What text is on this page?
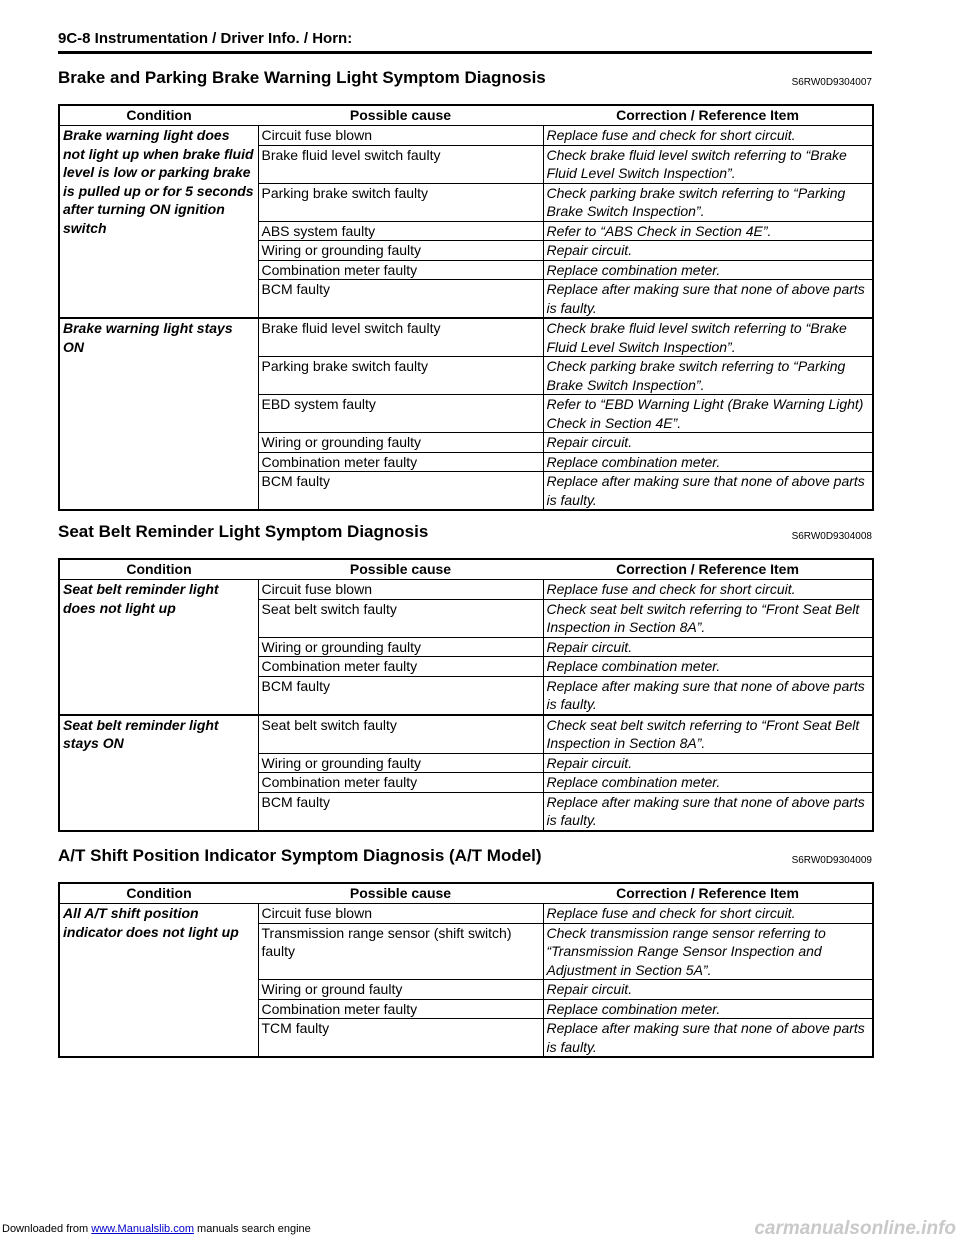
9C-8 Instrumentation / Driver Info. / Horn:
Brake and Parking Brake Warning Light Symptom Diagnosis	S6RW0D9304007
Condition	Possible cause	Correction / Reference Item
Brake warning light does not light up when brake fluid level is low or parking brake is pulled up or for 5 seconds after turning ON ignition switch	Circuit fuse blown	Replace fuse and check for short circuit.
	Brake fluid level switch faulty	Check brake fluid level switch referring to “Brake Fluid Level Switch Inspection”.
	Parking brake switch faulty	Check parking brake switch referring to “Parking Brake Switch Inspection”.
	ABS system faulty	Refer to “ABS Check in Section 4E”.
	Wiring or grounding faulty	Repair circuit.
	Combination meter faulty	Replace combination meter.
	BCM faulty	Replace after making sure that none of above parts is faulty.
Brake warning light stays ON	Brake fluid level switch faulty	Check brake fluid level switch referring to “Brake Fluid Level Switch Inspection”.
	Parking brake switch faulty	Check parking brake switch referring to “Parking Brake Switch Inspection”.
	EBD system faulty	Refer to “EBD Warning Light (Brake Warning Light) Check in Section 4E”.
	Wiring or grounding faulty	Repair circuit.
	Combination meter faulty	Replace combination meter.
	BCM faulty	Replace after making sure that none of above parts is faulty.
Seat Belt Reminder Light Symptom Diagnosis	S6RW0D9304008
Condition	Possible cause	Correction / Reference Item
Seat belt reminder light does not light up	Circuit fuse blown	Replace fuse and check for short circuit.
	Seat belt switch faulty	Check seat belt switch referring to “Front Seat Belt Inspection in Section 8A”.
	Wiring or grounding faulty	Repair circuit.
	Combination meter faulty	Replace combination meter.
	BCM faulty	Replace after making sure that none of above parts is faulty.
Seat belt reminder light stays ON	Seat belt switch faulty	Check seat belt switch referring to “Front Seat Belt Inspection in Section 8A”.
	Wiring or grounding faulty	Repair circuit.
	Combination meter faulty	Replace combination meter.
	BCM faulty	Replace after making sure that none of above parts is faulty.
A/T Shift Position Indicator Symptom Diagnosis (A/T Model)	S6RW0D9304009
Condition	Possible cause	Correction / Reference Item
All A/T shift position indicator does not light up	Circuit fuse blown	Replace fuse and check for short circuit.
	Transmission range sensor (shift switch) faulty	Check transmission range sensor referring to “Transmission Range Sensor Inspection and Adjustment in Section 5A”.
	Wiring or ground faulty	Repair circuit.
	Combination meter faulty	Replace combination meter.
	TCM faulty	Replace after making sure that none of above parts is faulty.
Downloaded from www.Manualslib.com manuals search engine	carmanualsonline.info
